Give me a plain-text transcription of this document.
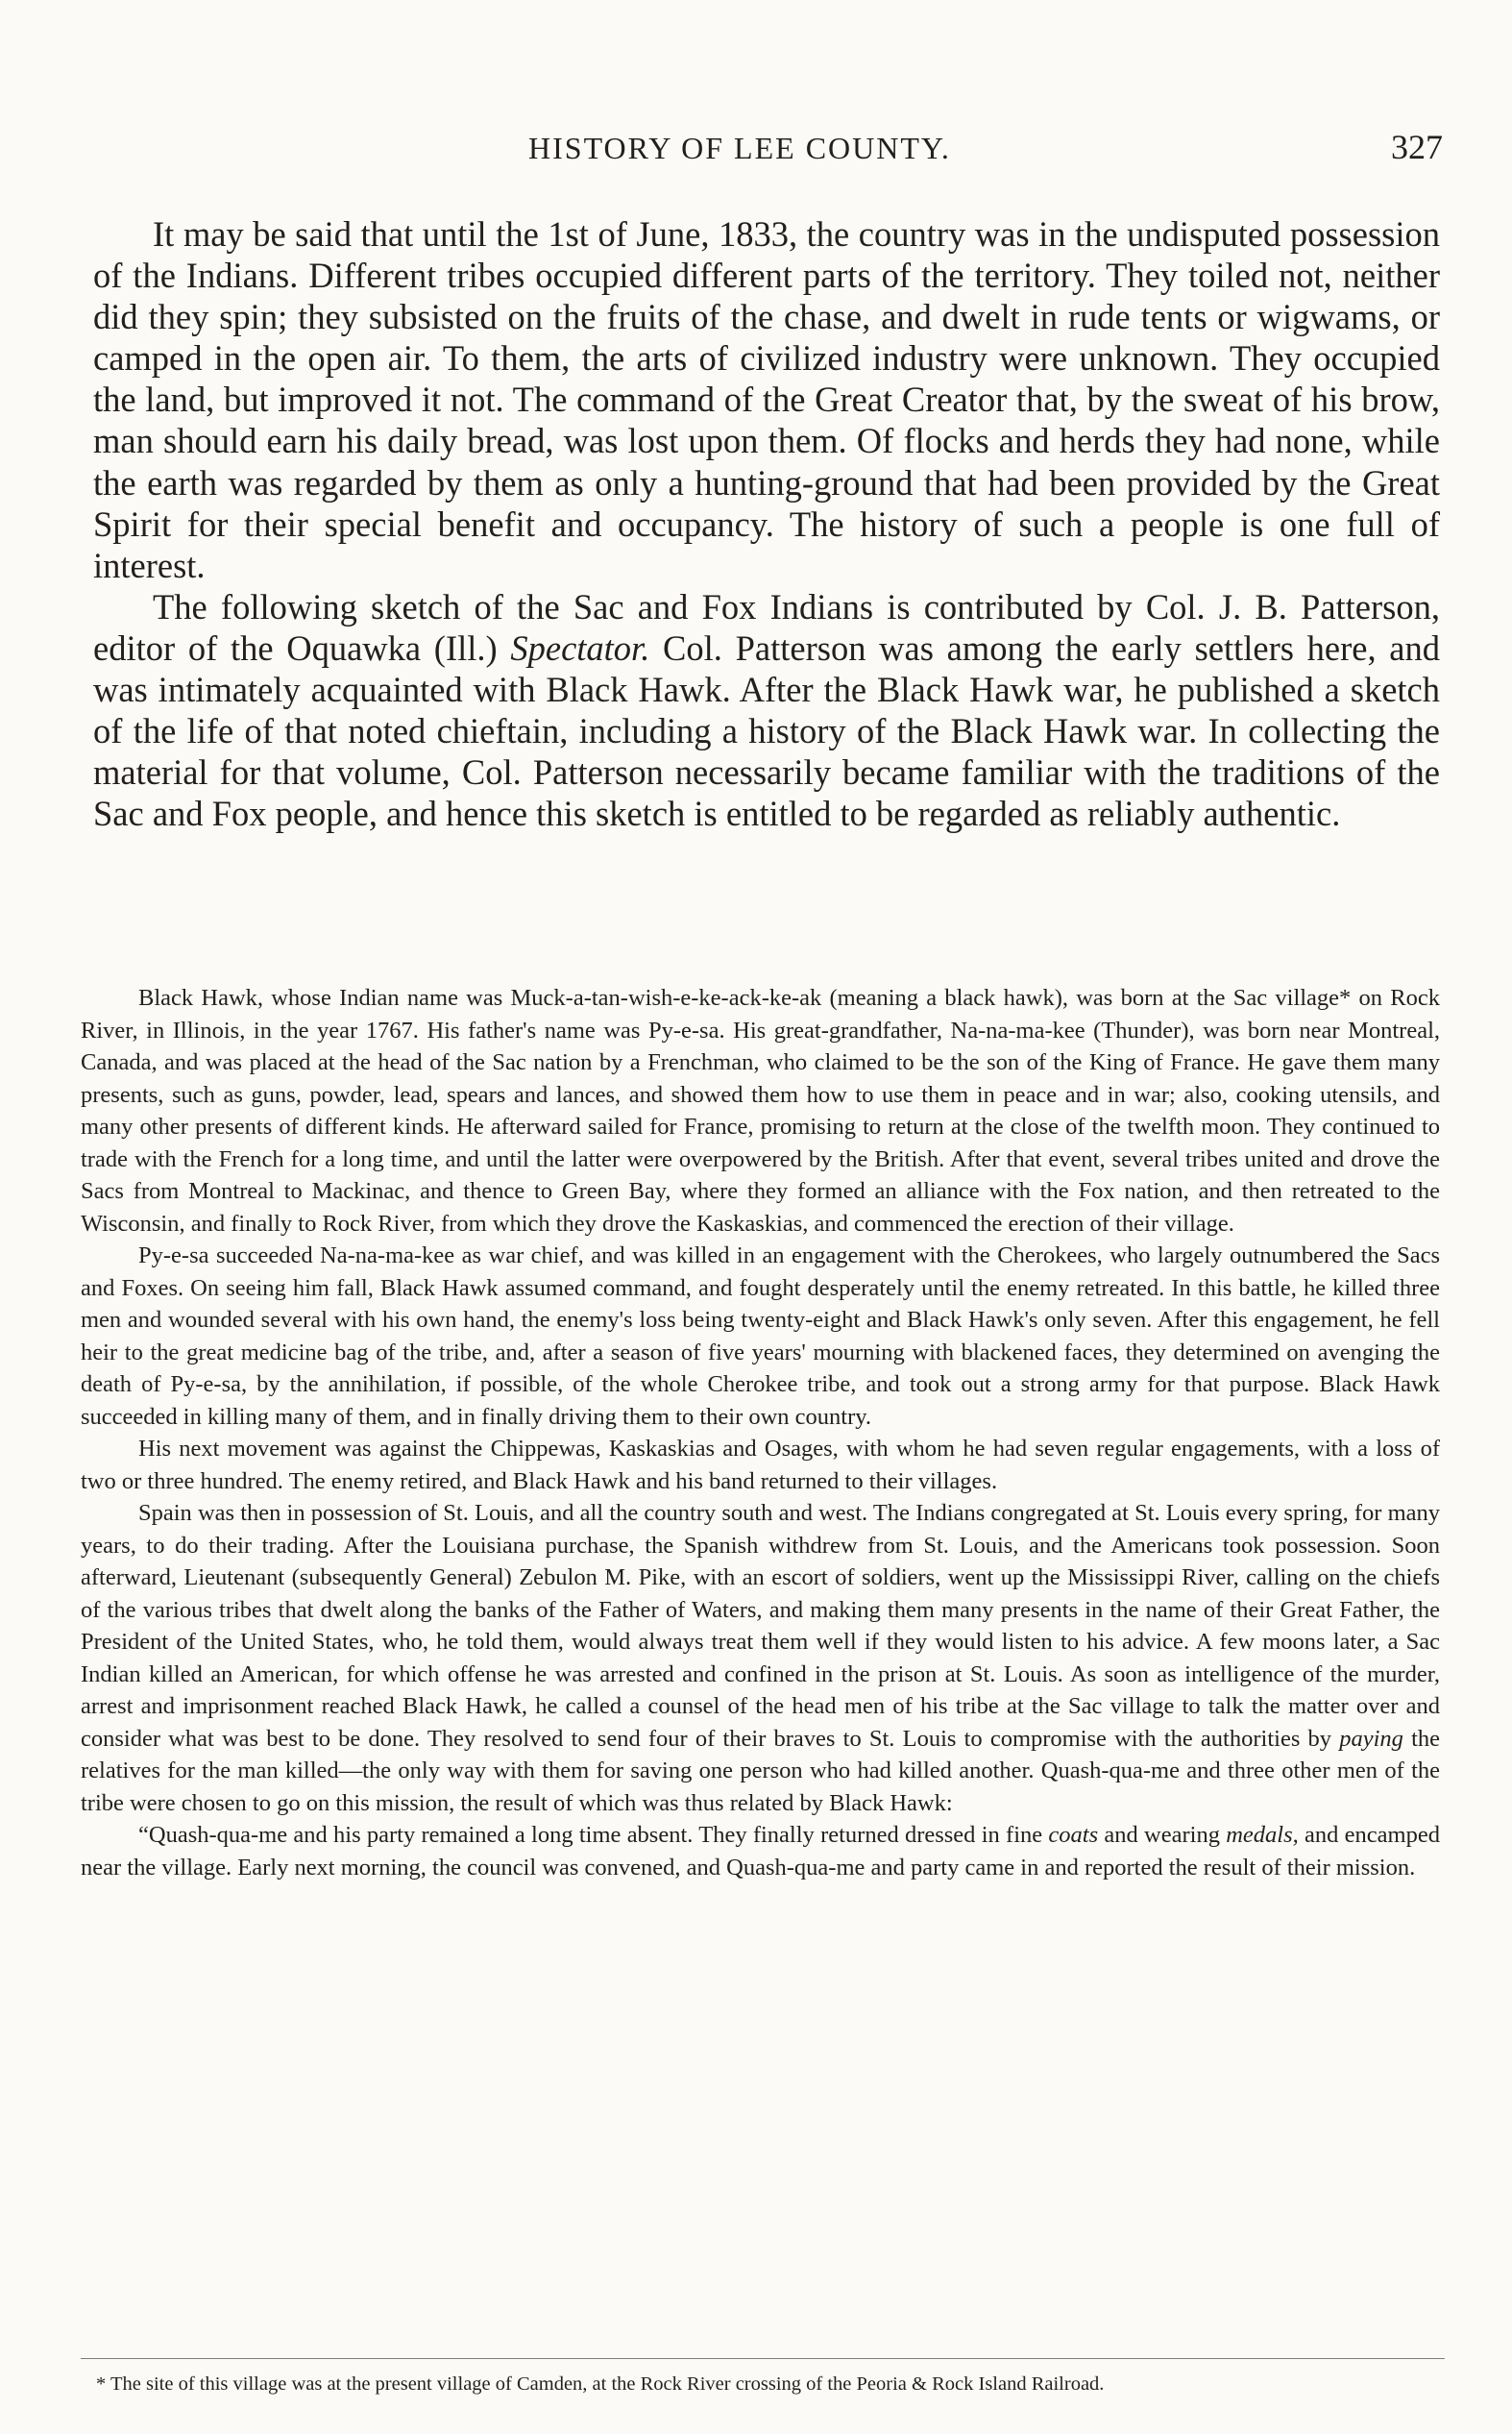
HISTORY OF LEE COUNTY.	327

It may be said that until the 1st of June, 1833, the country was in the undisputed possession of the Indians. Different tribes occupied different parts of the territory. They toiled not, neither did they spin; they subsisted on the fruits of the chase, and dwelt in rude tents or wigwams, or camped in the open air. To them, the arts of civilized industry were unknown. They occupied the land, but improved it not. The command of the Great Creator that, by the sweat of his brow, man should earn his daily bread, was lost upon them. Of flocks and herds they had none, while the earth was regarded by them as only a hunting-ground that had been provided by the Great Spirit for their special benefit and occupancy. The history of such a people is one full of interest.

The following sketch of the Sac and Fox Indians is contributed by Col. J. B. Patterson, editor of the Oquawka (Ill.) Spectator. Col. Patterson was among the early settlers here, and was intimately acquainted with Black Hawk. After the Black Hawk war, he published a sketch of the life of that noted chieftain, including a history of the Black Hawk war. In collecting the material for that volume, Col. Patterson necessarily became familiar with the traditions of the Sac and Fox people, and hence this sketch is entitled to be regarded as reliably authentic.

Black Hawk, whose Indian name was Muck-a-tan-wish-e-ke-ack-ke-ak (meaning a black hawk), was born at the Sac village* on Rock River, in Illinois, in the year 1767. His father's name was Py-e-sa. His great-grandfather, Na-na-ma-kee (Thunder), was born near Montreal, Canada, and was placed at the head of the Sac nation by a Frenchman, who claimed to be the son of the King of France. He gave them many presents, such as guns, powder, lead, spears and lances, and showed them how to use them in peace and in war; also, cooking utensils, and many other presents of different kinds. He afterward sailed for France, promising to return at the close of the twelfth moon. They continued to trade with the French for a long time, and until the latter were overpowered by the British. After that event, several tribes united and drove the Sacs from Montreal to Mackinac, and thence to Green Bay, where they formed an alliance with the Fox nation, and then retreated to the Wisconsin, and finally to Rock River, from which they drove the Kaskaskias, and commenced the erection of their village.

Py-e-sa succeeded Na-na-ma-kee as war chief, and was killed in an engagement with the Cherokees, who largely outnumbered the Sacs and Foxes. On seeing him fall, Black Hawk assumed command, and fought desperately until the enemy retreated. In this battle, he killed three men and wounded several with his own hand, the enemy's loss being twenty-eight and Black Hawk's only seven. After this engagement, he fell heir to the great medicine bag of the tribe, and, after a season of five years' mourning with blackened faces, they determined on avenging the death of Py-e-sa, by the annihilation, if possible, of the whole Cherokee tribe, and took out a strong army for that purpose. Black Hawk succeeded in killing many of them, and in finally driving them to their own country.

His next movement was against the Chippewas, Kaskaskias and Osages, with whom he had seven regular engagements, with a loss of two or three hundred. The enemy retired, and Black Hawk and his band returned to their villages.

Spain was then in possession of St. Louis, and all the country south and west. The Indians congregated at St. Louis every spring, for many years, to do their trading. After the Louisiana purchase, the Spanish withdrew from St. Louis, and the Americans took possession. Soon afterward, Lieutenant (subsequently General) Zebulon M. Pike, with an escort of soldiers, went up the Mississippi River, calling on the chiefs of the various tribes that dwelt along the banks of the Father of Waters, and making them many presents in the name of their Great Father, the President of the United States, who, he told them, would always treat them well if they would listen to his advice. A few moons later, a Sac Indian killed an American, for which offense he was arrested and confined in the prison at St. Louis. As soon as intelligence of the murder, arrest and imprisonment reached Black Hawk, he called a counsel of the head men of his tribe at the Sac village to talk the matter over and consider what was best to be done. They resolved to send four of their braves to St. Louis to compromise with the authorities by paying the relatives for the man killed—the only way with them for saving one person who had killed another. Quash-qua-me and three other men of the tribe were chosen to go on this mission, the result of which was thus related by Black Hawk:

“Quash-qua-me and his party remained a long time absent. They finally returned dressed in fine coats and wearing medals, and encamped near the village. Early next morning, the council was convened, and Quash-qua-me and party came in and reported the result of their mission.

* The site of this village was at the present village of Camden, at the Rock River crossing of the Peoria & Rock Island Railroad.
